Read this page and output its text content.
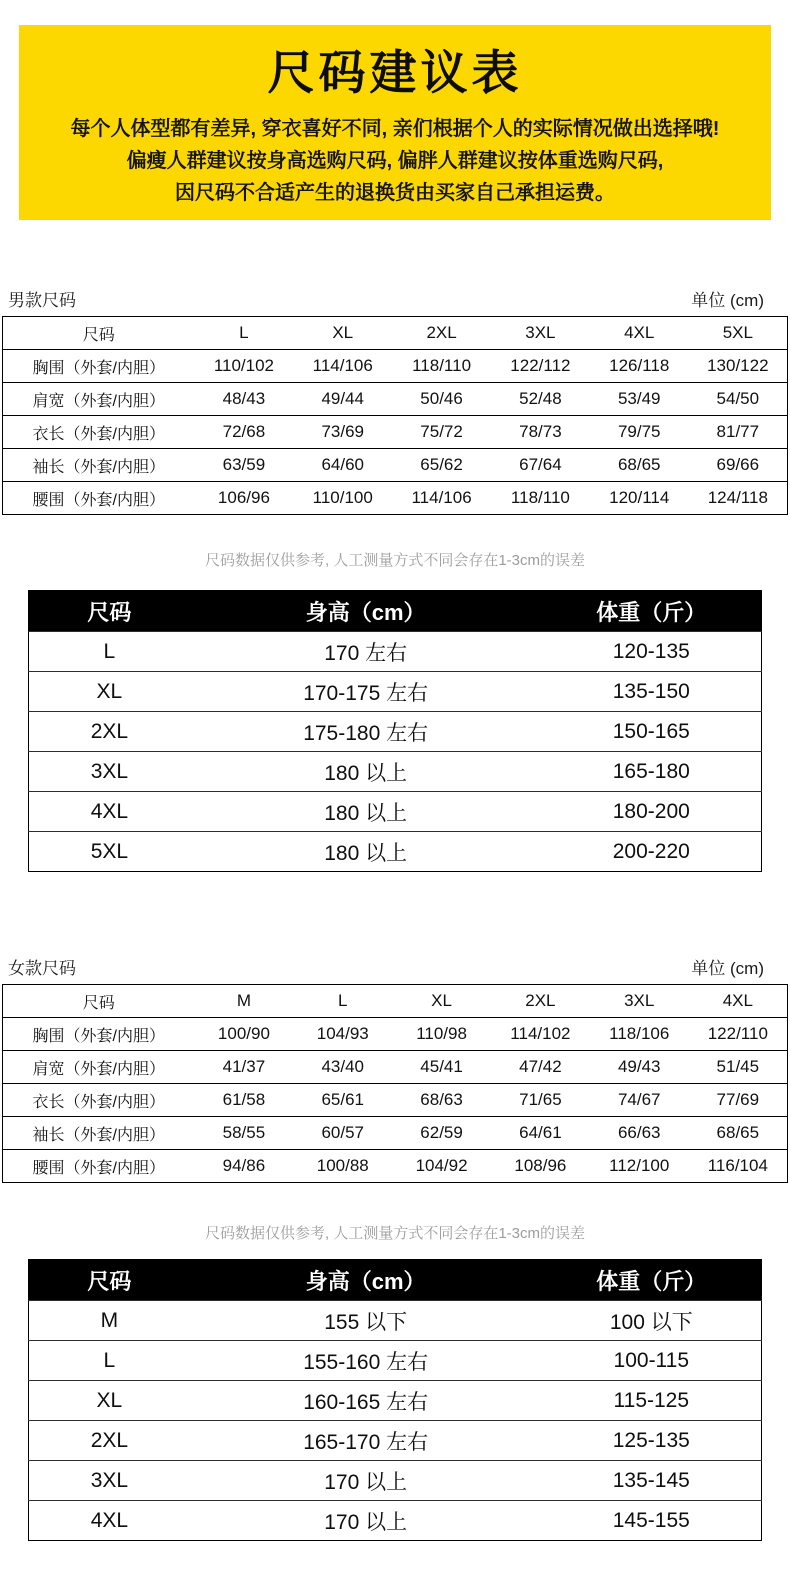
尺码建议表
每个人体型都有差异, 穿衣喜好不同, 亲们根据个人的实际情况做出选择哦!
偏瘦人群建议按身高选购尺码, 偏胖人群建议按体重选购尺码,
因尺码不合适产生的退换货由买家自己承担运费。
男款尺码	单位 (cm)
尺码	L	XL	2XL	3XL	4XL	5XL
胸围（外套/内胆）	110/102	114/106	118/110	122/112	126/118	130/122
肩宽（外套/内胆）	48/43	49/44	50/46	52/48	53/49	54/50
衣长（外套/内胆）	72/68	73/69	75/72	78/73	79/75	81/77
袖长（外套/内胆）	63/59	64/60	65/62	67/64	68/65	69/66
腰围（外套/内胆）	106/96	110/100	114/106	118/110	120/114	124/118
尺码数据仅供参考, 人工测量方式不同会存在1-3cm的误差
尺码	身高（cm）	体重（斤）
L	170 左右	120-135
XL	170-175 左右	135-150
2XL	175-180 左右	150-165
3XL	180 以上	165-180
4XL	180 以上	180-200
5XL	180 以上	200-220
女款尺码	单位 (cm)
尺码	M	L	XL	2XL	3XL	4XL
胸围（外套/内胆）	100/90	104/93	110/98	114/102	118/106	122/110
肩宽（外套/内胆）	41/37	43/40	45/41	47/42	49/43	51/45
衣长（外套/内胆）	61/58	65/61	68/63	71/65	74/67	77/69
袖长（外套/内胆）	58/55	60/57	62/59	64/61	66/63	68/65
腰围（外套/内胆）	94/86	100/88	104/92	108/96	112/100	116/104
尺码数据仅供参考, 人工测量方式不同会存在1-3cm的误差
尺码	身高（cm）	体重（斤）
M	155 以下	100 以下
L	155-160 左右	100-115
XL	160-165 左右	115-125
2XL	165-170 左右	125-135
3XL	170 以上	135-145
4XL	170 以上	145-155
